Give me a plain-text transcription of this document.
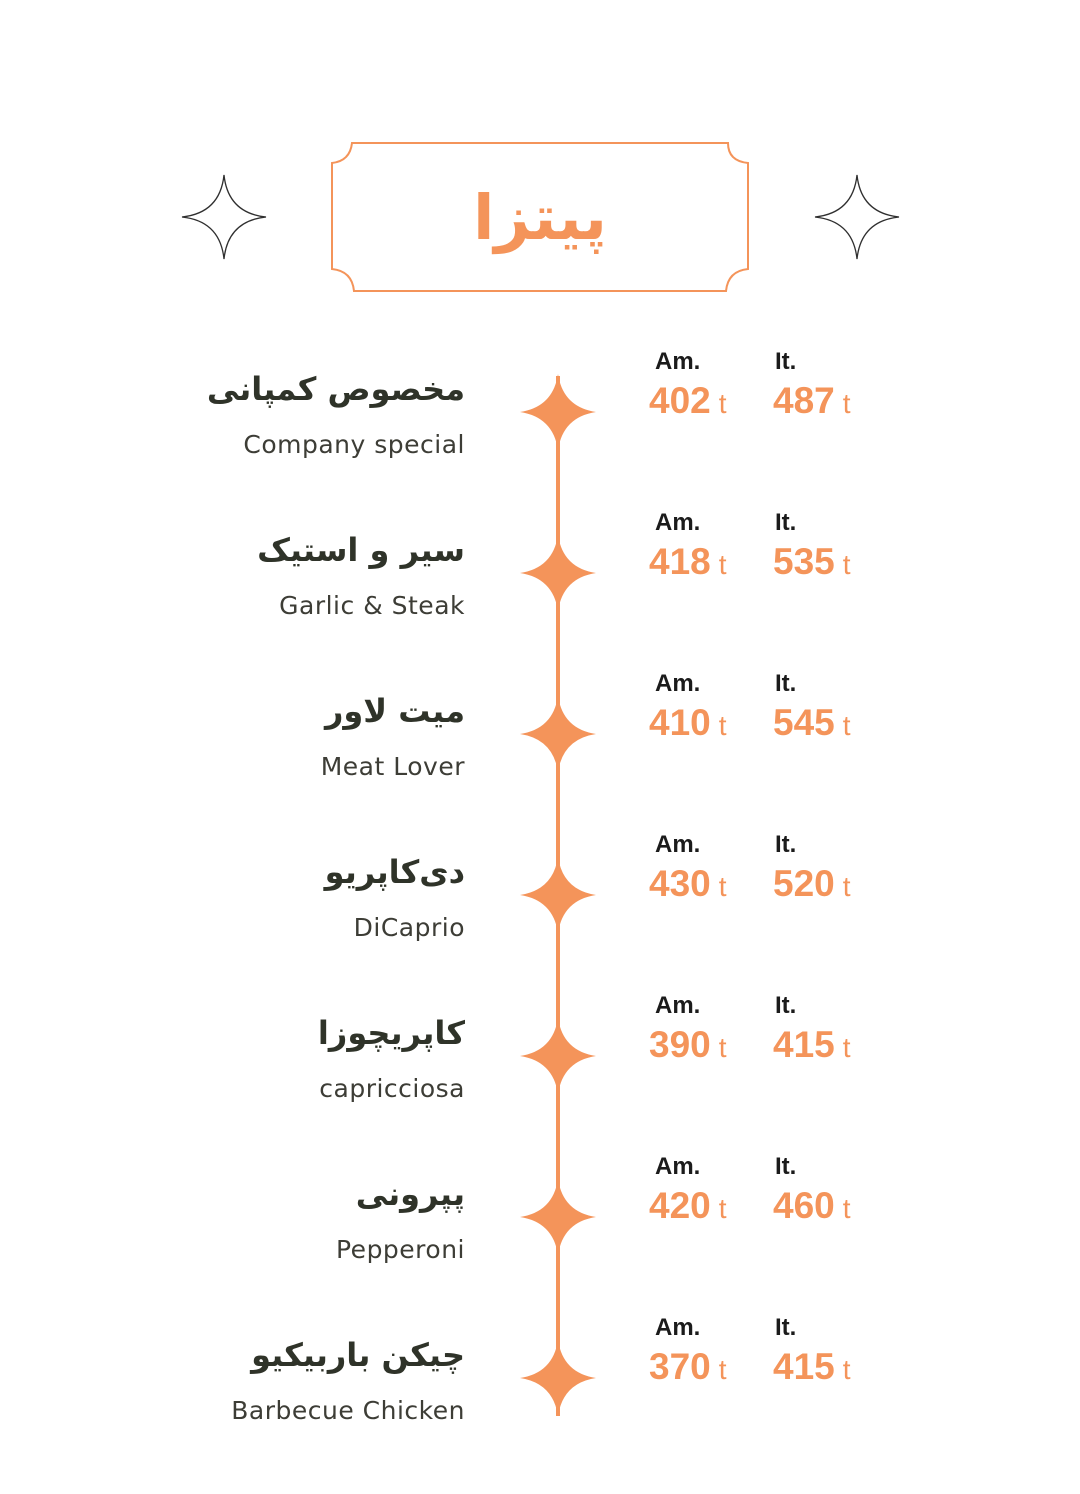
پیتزا
مخصوص کمپانی
Company special
Am.	It.
402 t 487 t
سیر و استیک
Garlic & Steak
Am.	It.
418 t 535 t
میت لاور
Meat Lover
Am.	It.
410 t 545 t
دی‌کاپریو
DiCaprio
Am.	It.
430 t 520 t
کاپریچوزا
capricciosa
Am.	It.
390 t 415 t
پپرونی
Pepperoni
Am.	It.
420 t 460 t
چیکن باربیکیو
Barbecue Chicken
Am.	It.
370 t 415 t
